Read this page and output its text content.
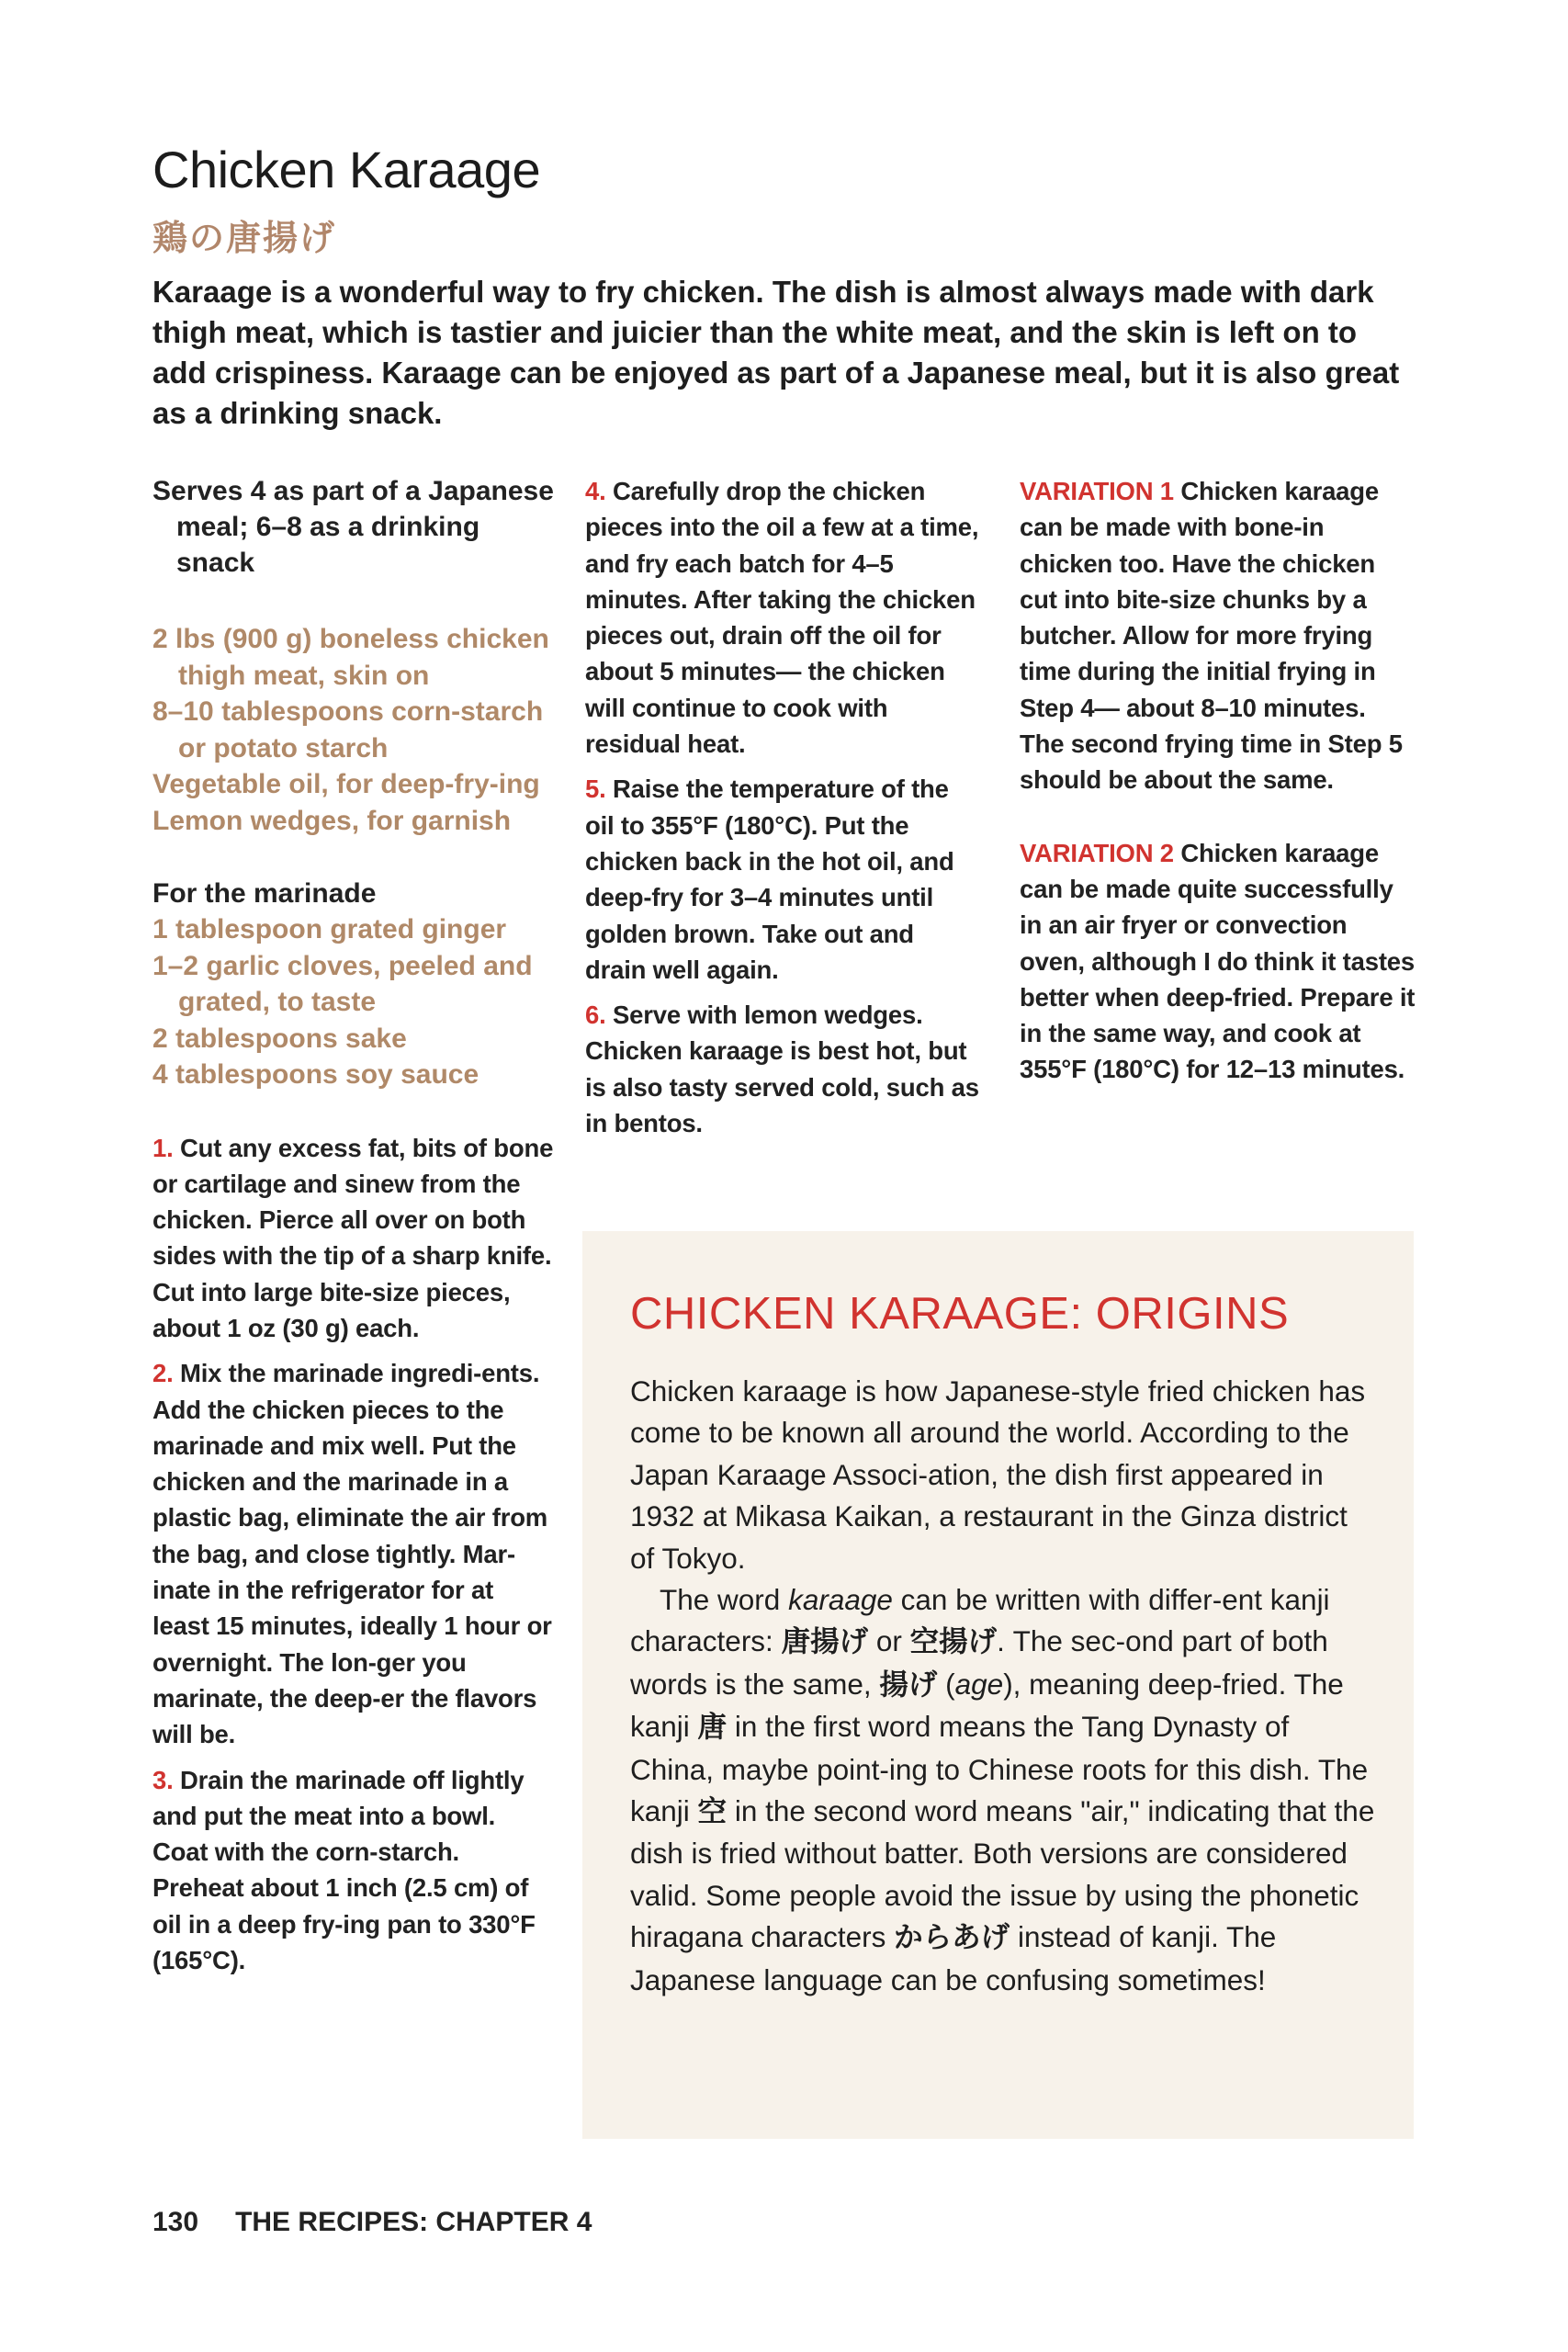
Chicken Karaage
鶏の唐揚げ
Karaage is a wonderful way to fry chicken. The dish is almost always made with dark thigh meat, which is tastier and juicier than the white meat, and the skin is left on to add crispiness. Karaage can be enjoyed as part of a Japanese meal, but it is also great as a drinking snack.

Serves 4 as part of a Japanese meal; 6–8 as a drinking snack

2 lbs (900 g) boneless chicken thigh meat, skin on

8–10 tablespoons corn-starch or potato starch

Vegetable oil, for deep-fry-ing

Lemon wedges, for garnish

For the marinade

1 tablespoon grated ginger

1–2 garlic cloves, peeled and grated, to taste

2 tablespoons sake

4 tablespoons soy sauce

1. Cut any excess fat, bits of bone or cartilage and sinew from the chicken. Pierce all over on both sides with the tip of a sharp knife. Cut into large bite-size pieces, about 1 oz (30 g) each.

2. Mix the marinade ingredi-ents. Add the chicken pieces to the marinade and mix well. Put the chicken and the marinade in a plastic bag, eliminate the air from the bag, and close tightly. Mar-inate in the refrigerator for at least 15 minutes, ideally 1 hour or overnight. The lon-ger you marinate, the deep-er the flavors will be.

3. Drain the marinade off lightly and put the meat into a bowl. Coat with the corn-starch. Preheat about 1 inch (2.5 cm) of oil in a deep fry-ing pan to 330°F (165°C).

4. Carefully drop the chicken pieces into the oil a few at a time, and fry each batch for 4–5 minutes. After taking the chicken pieces out, drain off the oil for about 5 minutes— the chicken will continue to cook with residual heat.

5. Raise the temperature of the oil to 355°F (180°C). Put the chicken back in the hot oil, and deep-fry for 3–4 minutes until golden brown. Take out and drain well again.

6. Serve with lemon wedges. Chicken karaage is best hot, but is also tasty served cold, such as in bentos.

VARIATION 1 Chicken karaage can be made with bone-in chicken too. Have the chicken cut into bite-size chunks by a butcher. Allow for more frying time during the initial frying in Step 4— about 8–10 minutes. The second frying time in Step 5 should be about the same.

VARIATION 2 Chicken karaage can be made quite successfully in an air fryer or convection oven, although I do think it tastes better when deep-fried. Prepare it in the same way, and cook at 355°F (180°C) for 12–13 minutes.

CHICKEN KARAAGE: ORIGINS

Chicken karaage is how Japanese-style fried chicken has come to be known all around the world. According to the Japan Karaage Associ-ation, the dish first appeared in 1932 at Mikasa Kaikan, a restaurant in the Ginza district of Tokyo.

The word karaage can be written with differ-ent kanji characters: 唐揚げ or 空揚げ. The sec-ond part of both words is the same, 揚げ (age), meaning deep-fried. The kanji 唐 in the first word means the Tang Dynasty of China, maybe point-ing to Chinese roots for this dish. The kanji 空 in the second word means "air," indicating that the dish is fried without batter. Both versions are considered valid. Some people avoid the issue by using the phonetic hiragana characters からあげ instead of kanji. The Japanese language can be confusing sometimes!

130 THE RECIPES: CHAPTER 4
